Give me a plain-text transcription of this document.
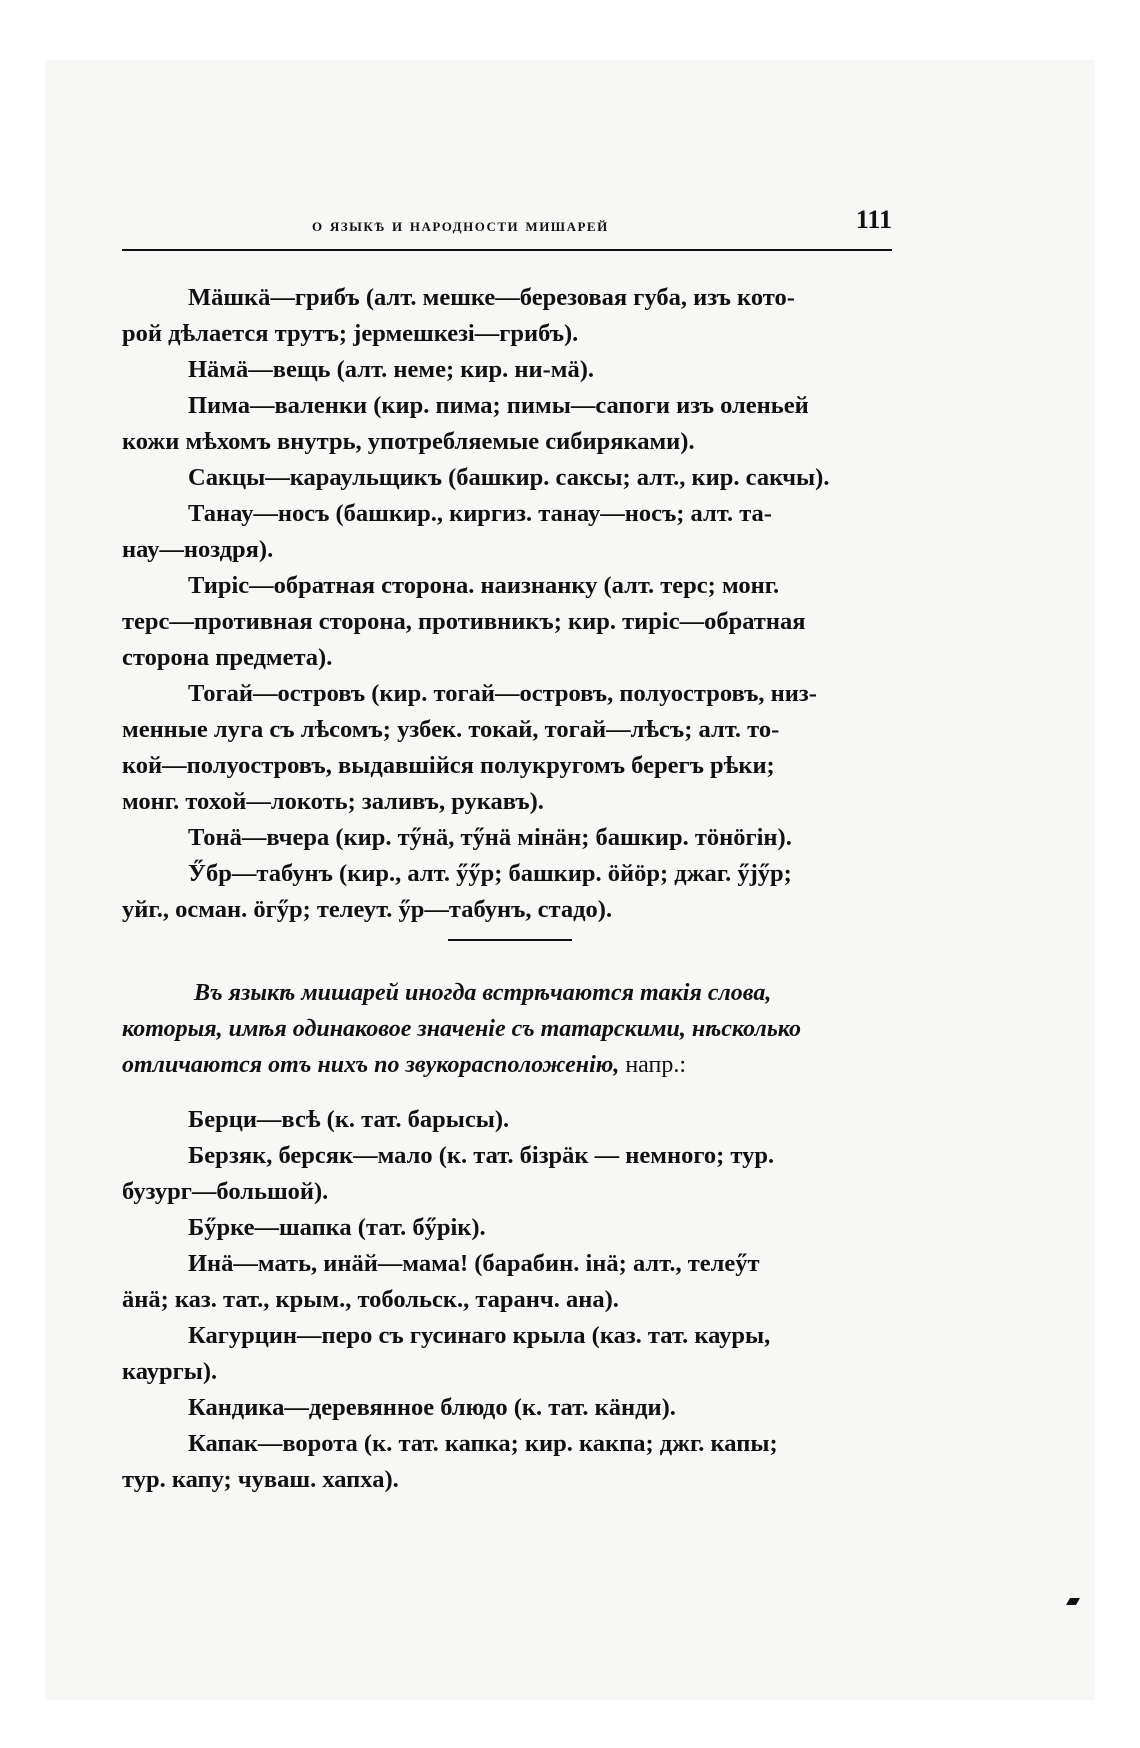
о языкѣ и народности мишарей	111

Мӓшкӓ—грибъ (алт. мешке—березовая губа, изъ кото-
рой дѣлается трутъ; jермешкезi—грибъ).

Нӓмӓ—вещь (алт. неме; кир. ни-мӓ).

Пима—валенки (кир. пима; пимы—сапоги изъ оленьей
кожи мѣхомъ внутрь, употребляемые сибиряками).

Сакцы—караульщикъ (башкир. саксы; алт., кир. сакчы).

Танау—носъ (башкир., киргиз. танау—носъ; алт. та-
нау—ноздря).

Тирiс—обратная сторона. наизнанку (алт. терс; монг.
терс—противная сторона, противникъ; кир. тирiс—обратная
сторона предмета).

Тогай—островъ (кир. тогай—островъ, полуостровъ, низ-
менные луга съ лѣсомъ; узбек. токай, тогай—лѣсъ; алт. то-
кой—полуостровъ, выдавшiйся полукругомъ берегъ рѣки;
монг. тохой—локоть; заливъ, рукавъ).

Тонӓ—вчера (кир. тӳнӓ, тӳнӓ мiнӓн; башкир. тӧнӧгiн).

Ӳбр—табунъ (кир., алт. ӳӳр; башкир. ӧйӧр; джаг. ӳjӳр;
уйг., осман. ӧгӳр; телеут. ӳр—табунъ, стадо).

Въ языкѣ мишарей иногда встрѣчаются такiя слова,
которыя, имѣя одинаковое значенiе съ татарскими, нѣсколько
отличаются отъ нихъ по звукорасположенiю, напр.:

Берци—всѣ (к. тат. барысы).

Берзяк, берсяк—мало (к. тат. бiзрӓк — немного; тур.
бузург—большой).

Бӳрке—шапка (тат. бӳрiк).

Инӓ—мать, инӓй—мама! (барабин. iнӓ; алт., телеӳт
ӓнӓ; каз. тат., крым., тобольск., таранч. ана).

Кагурцин—перо съ гусинаго крыла (каз. тат. кауры,
каургы).

Кандика—деревянное блюдо (к. тат. кӓнди).

Капак—ворота (к. тат. капка; кир. какпа; джг. капы;
тур. капу; чуваш. хапха).
